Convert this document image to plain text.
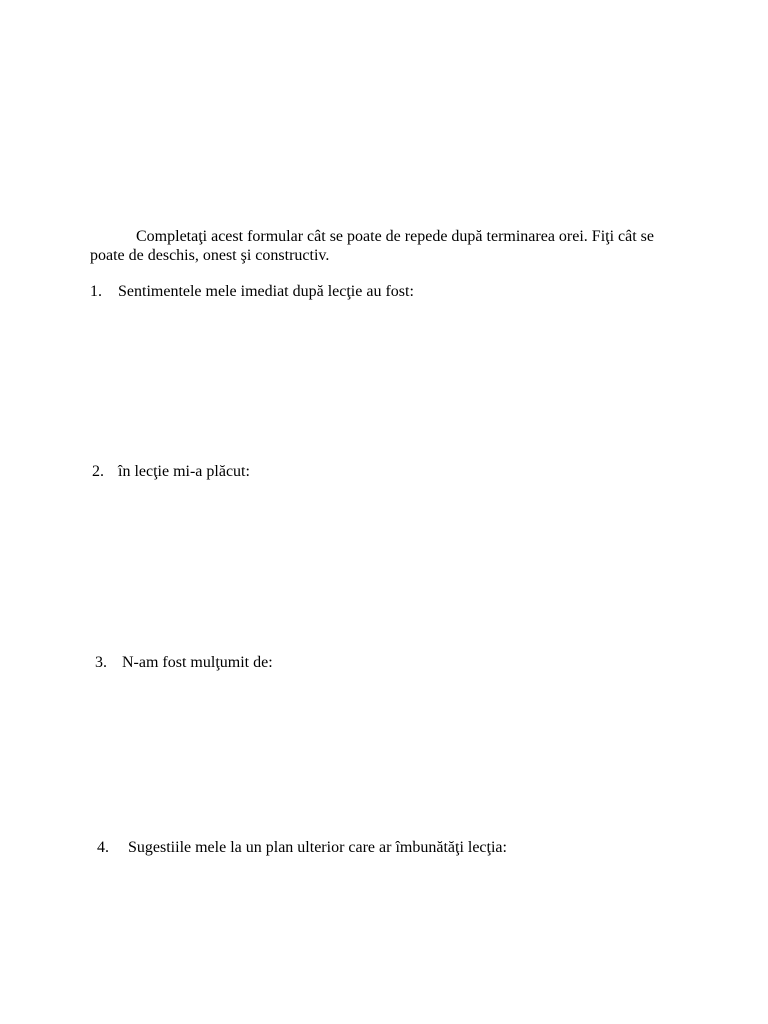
Completaţi acest formular cât se poate de repede după terminarea orei. Fiţi cât se poate de deschis, onest şi constructiv.

1. Sentimentele mele imediat după lecţie au fost:

2. în lecţie mi-a plăcut:

3. N-am fost mulţumit de:

4. Sugestiile mele la un plan ulterior care ar îmbunătăţi lecţia:
